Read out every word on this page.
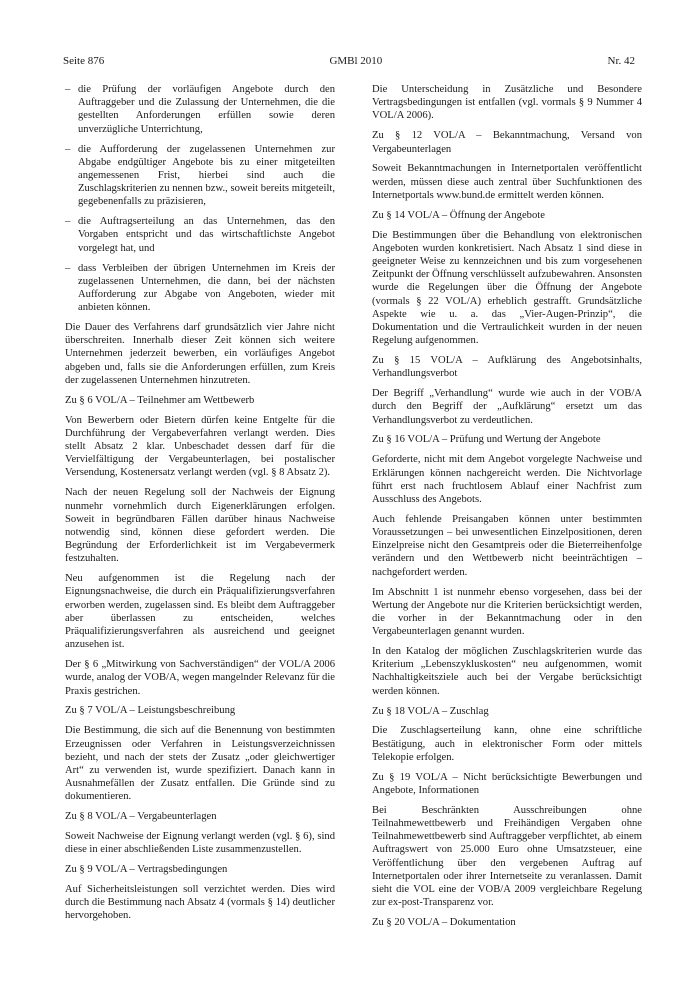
Seite 876	GMBl 2010	Nr. 42
– die Prüfung der vorläufigen Angebote durch den Auftraggeber und die Zulassung der Unternehmen, die die gestellten Anforderungen erfüllen sowie deren unverzügliche Unterrichtung,
– die Aufforderung der zugelassenen Unternehmen zur Abgabe endgültiger Angebote bis zu einer mitgeteilten angemessenen Frist, hierbei sind auch die Zuschlagskriterien zu nennen bzw., soweit bereits mitgeteilt, gegebenenfalls zu präzisieren,
– die Auftragserteilung an das Unternehmen, das den Vorgaben entspricht und das wirtschaftlichste Angebot vorgelegt hat, und
– dass Verbleiben der übrigen Unternehmen im Kreis der zugelassenen Unternehmen, die dann, bei der nächsten Aufforderung zur Abgabe von Angeboten, wieder mit anbieten können.

Die Dauer des Verfahrens darf grundsätzlich vier Jahre nicht überschreiten. Innerhalb dieser Zeit können sich weitere Unternehmen jederzeit bewerben, ein vorläufiges Angebot abgeben und, falls sie die Anforderungen erfüllen, zum Kreis der zugelassenen Unternehmen hinzutreten.

Zu § 6 VOL/A – Teilnehmer am Wettbewerb

Von Bewerbern oder Bietern dürfen keine Entgelte für die Durchführung der Vergabeverfahren verlangt werden. Dies stellt Absatz 2 klar. Unbeschadet dessen darf für die Vervielfältigung der Vergabeunterlagen, bei postalischer Versendung, Kostenersatz verlangt werden (vgl. § 8 Absatz 2).

Nach der neuen Regelung soll der Nachweis der Eignung nunmehr vornehmlich durch Eigenerklärungen erfolgen. Soweit in begründbaren Fällen darüber hinaus Nachweise notwendig sind, können diese gefordert werden. Die Begründung der Erforderlichkeit ist im Vergabevermerk festzuhalten.

Neu aufgenommen ist die Regelung nach der Eignungsnachweise, die durch ein Präqualifizierungsverfahren erworben werden, zugelassen sind. Es bleibt dem Auftraggeber aber überlassen zu entscheiden, welches Präqualifizierungsverfahren als ausreichend und geeignet anzusehen ist.

Der § 6 „Mitwirkung von Sachverständigen“ der VOL/A 2006 wurde, analog der VOB/A, wegen mangelnder Relevanz für die Praxis gestrichen.

Zu § 7 VOL/A – Leistungsbeschreibung

Die Bestimmung, die sich auf die Benennung von bestimmten Erzeugnissen oder Verfahren in Leistungsverzeichnissen bezieht, und nach der stets der Zusatz „oder gleichwertiger Art“ zu verwenden ist, wurde spezifiziert. Danach kann in Ausnahmefällen der Zusatz entfallen. Die Gründe sind zu dokumentieren.

Zu § 8 VOL/A – Vergabeunterlagen

Soweit Nachweise der Eignung verlangt werden (vgl. § 6), sind diese in einer abschließenden Liste zusammenzustellen.

Zu § 9 VOL/A – Vertragsbedingungen

Auf Sicherheitsleistungen soll verzichtet werden. Dies wird durch die Bestimmung nach Absatz 4 (vormals § 14) deutlicher hervorgehoben.

Die Unterscheidung in Zusätzliche und Besondere Vertragsbedingungen ist entfallen (vgl. vormals § 9 Nummer 4 VOL/A 2006).

Zu § 12 VOL/A – Bekanntmachung, Versand von Vergabeunterlagen

Soweit Bekanntmachungen in Internetportalen veröffentlicht werden, müssen diese auch zentral über Suchfunktionen des Internetportals www.bund.de ermittelt werden können.

Zu § 14 VOL/A – Öffnung der Angebote

Die Bestimmungen über die Behandlung von elektronischen Angeboten wurden konkretisiert. Nach Absatz 1 sind diese in geeigneter Weise zu kennzeichnen und bis zum vorgesehenen Zeitpunkt der Öffnung verschlüsselt aufzubewahren. Ansonsten wurde die Regelungen über die Öffnung der Angebote (vormals § 22 VOL/A) erheblich gestrafft. Grundsätzliche Aspekte wie u. a. das „Vier-Augen-Prinzip“, die Dokumentation und die Vertraulichkeit wurden in der neuen Regelung aufgenommen.

Zu § 15 VOL/A – Aufklärung des Angebotsinhalts, Verhandlungsverbot

Der Begriff „Verhandlung“ wurde wie auch in der VOB/A durch den Begriff der „Aufklärung“ ersetzt um das Verhandlungsverbot zu verdeutlichen.

Zu § 16 VOL/A – Prüfung und Wertung der Angebote

Geforderte, nicht mit dem Angebot vorgelegte Nachweise und Erklärungen können nachgereicht werden. Die Nichtvorlage führt erst nach fruchtlosem Ablauf einer Nachfrist zum Ausschluss des Angebots.

Auch fehlende Preisangaben können unter bestimmten Voraussetzungen – bei unwesentlichen Einzelpositionen, deren Einzelpreise nicht den Gesamtpreis oder die Bieterreihenfolge verändern und den Wettbewerb nicht beeinträchtigen – nachgefordert werden.

Im Abschnitt 1 ist nunmehr ebenso vorgesehen, dass bei der Wertung der Angebote nur die Kriterien berücksichtigt werden, die vorher in der Bekanntmachung oder in den Vergabeunterlagen genannt wurden.

In den Katalog der möglichen Zuschlagskriterien wurde das Kriterium „Lebenszykluskosten“ neu aufgenommen, womit Nachhaltigkeitsziele auch bei der Vergabe berücksichtigt werden können.

Zu § 18 VOL/A – Zuschlag

Die Zuschlagserteilung kann, ohne eine schriftliche Bestätigung, auch in elektronischer Form oder mittels Telekopie erfolgen.

Zu § 19 VOL/A – Nicht berücksichtigte Bewerbungen und Angebote, Informationen

Bei Beschränkten Ausschreibungen ohne Teilnahmewettbewerb und Freihändigen Vergaben ohne Teilnahmewettbewerb sind Auftraggeber verpflichtet, ab einem Auftragswert von 25.000 Euro ohne Umsatzsteuer, eine Veröffentlichung über den vergebenen Auftrag auf Internetportalen oder ihrer Internetseite zu veranlassen. Damit sieht die VOL eine der VOB/A 2009 vergleichbare Regelung zur ex-post-Transparenz vor.

Zu § 20 VOL/A – Dokumentation
